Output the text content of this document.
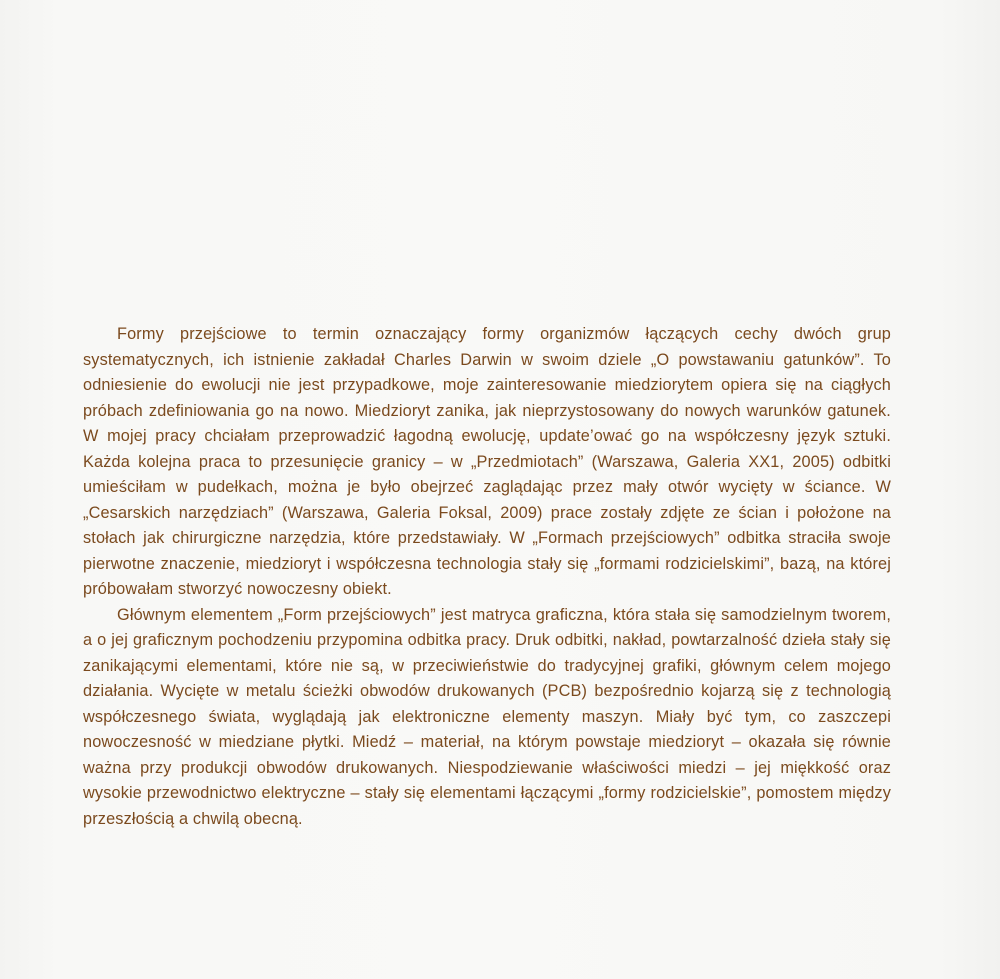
Formy przejściowe to termin oznaczający formy organizmów łączących cechy dwóch grup systematycznych, ich istnienie zakładał Charles Darwin w swoim dziele „O powstawaniu gatunków”. To odniesienie do ewolucji nie jest przypadkowe, moje zainteresowanie miedziorytem opiera się na ciągłych próbach zdefiniowania go na nowo. Miedzioryt zanika, jak nieprzystosowany do nowych warunków gatunek. W mojej pracy chciałam przeprowadzić łagodną ewolucję, update’ować go na współczesny język sztuki. Każda kolejna praca to przesunięcie granicy – w „Przedmiotach” (Warszawa, Galeria XX1, 2005) odbitki umieściłam w pudełkach, można je było obejrzeć zaglądając przez mały otwór wycięty w ściance. W „Cesarskich narzędziach” (Warszawa, Galeria Foksal, 2009) prace zostały zdjęte ze ścian i położone na stołach jak chirurgiczne narzędzia, które przedstawiały. W „Formach przejściowych” odbitka straciła swoje pierwotne znaczenie, miedzioryt i współczesna technologia stały się „formami rodzicielskimi”, bazą, na której próbowałam stworzyć nowoczesny obiekt.

Głównym elementem „Form przejściowych” jest matryca graficzna, która stała się samodzielnym tworem, a o jej graficznym pochodzeniu przypomina odbitka pracy. Druk odbitki, nakład, powtarzalność dzieła stały się zanikającymi elementami, które nie są, w przeciwieństwie do tradycyjnej grafiki, głównym celem mojego działania. Wycięte w metalu ścieżki obwodów drukowanych (PCB) bezpośrednio kojarzą się z technologią współczesnego świata, wyglądają jak elektroniczne elementy maszyn. Miały być tym, co zaszczepi nowoczesność w miedziane płytki. Miedź – materiał, na którym powstaje miedzioryt – okazała się równie ważna przy produkcji obwodów drukowanych. Niespodziewanie właściwości miedzi – jej miękkość oraz wysokie przewodnictwo elektryczne – stały się elementami łączącymi „formy rodzicielskie”, pomostem między przeszłością a chwilą obecną.
